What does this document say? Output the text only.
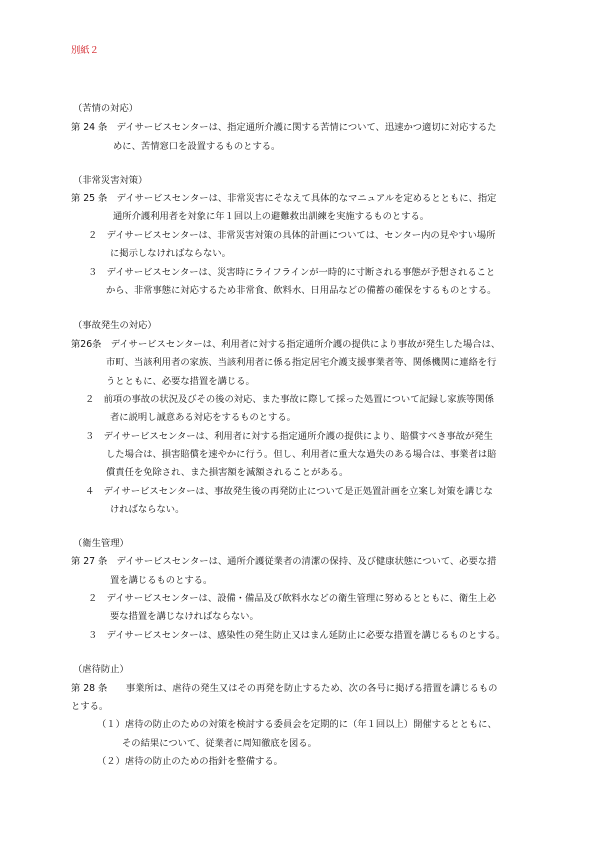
別紙２
（苦情の対応）
第 24 条　デイサービスセンターは、指定通所介護に関する苦情について、迅速かつ適切に対応するた
めに、苦情窓口を設置するものとする。
（非常災害対策）
第 25 条　デイサービスセンターは、非常災害にそなえて具体的なマニュアルを定めるとともに、指定
通所介護利用者を対象に年１回以上の避難救出訓練を実施するものとする。
２　デイサービスセンターは、非常災害対策の具体的計画については、センター内の見やすい場所
に掲示しなければならない。
３　デイサービスセンターは、災害時にライフラインが一時的に寸断される事態が予想されること
から、非常事態に対応するため非常食、飲料水、日用品などの備蓄の確保をするものとする。
（事故発生の対応）
第26条　デイサービスセンターは、利用者に対する指定通所介護の提供により事故が発生した場合は、
市町、当該利用者の家族、当該利用者に係る指定居宅介護支援事業者等、関係機関に連絡を行
うとともに、必要な措置を講じる。
２　前項の事故の状況及びその後の対応、また事故に際して採った処置について記録し家族等関係
者に説明し誠意ある対応をするものとする。
３　デイサービスセンターは、利用者に対する指定通所介護の提供により、賠償すべき事故が発生
した場合は、損害賠償を速やかに行う。但し、利用者に重大な過失のある場合は、事業者は賠
償責任を免除され、また損害額を減額されることがある。
４　デイサービスセンターは、事故発生後の再発防止について是正処置計画を立案し対策を講じな
ければならない。
（衛生管理）
第 27 条　デイサービスセンターは、通所介護従業者の清潔の保持、及び健康状態について、必要な措
置を講じるものとする。
２　デイサービスセンターは、設備・備品及び飲料水などの衛生管理に努めるとともに、衛生上必
要な措置を講じなければならない。
３　デイサービスセンターは、感染性の発生防止又はまん延防止に必要な措置を講じるものとする。
（虐待防止）
第 28 条　　事業所は、虐待の発生又はその再発を防止するため、次の各号に掲げる措置を講じるもの
とする。
（１）虐待の防止のための対策を検討する委員会を定期的に（年１回以上）開催するとともに、
その結果について、従業者に周知徹底を図る。
（２）虐待の防止のための指針を整備する。
